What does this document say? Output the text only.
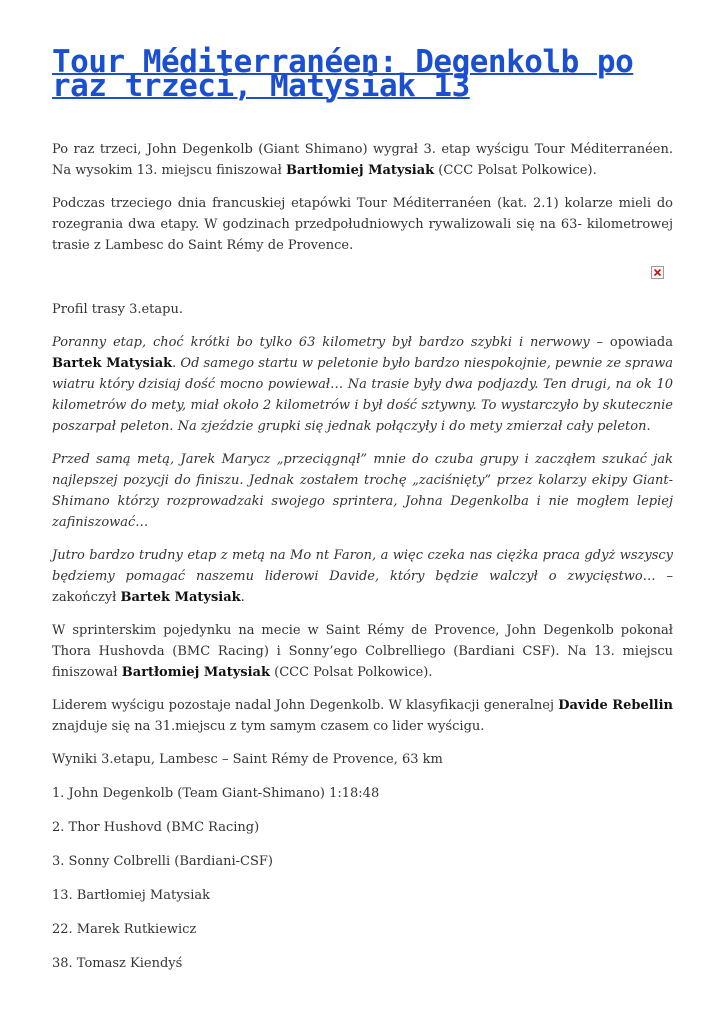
Tour Méditerranéen: Degenkolb po raz trzeci, Matysiak 13

Po raz trzeci, John Degenkolb (Giant Shimano) wygrał 3. etap wyścigu Tour Méditerranéen. Na wysokim 13. miejscu finiszował Bartłomiej Matysiak (CCC Polsat Polkowice).

Podczas trzeciego dnia francuskiej etapówki Tour Méditerranéen (kat. 2.1) kolarze mieli do rozegrania dwa etapy. W godzinach przedpołudniowych rywalizowali się na 63- kilometrowej trasie z Lambesc do Saint Rémy de Provence.

Profil trasy 3.etapu.

Poranny etap, choć krótki bo tylko 63 kilometry był bardzo szybki i nerwowy – opowiada Bartek Matysiak. Od samego startu w peletonie było bardzo niespokojnie, pewnie ze sprawa wiatru który dzisiaj dość mocno powiewał… Na trasie były dwa podjazdy. Ten drugi, na ok 10 kilometrów do mety, miał około 2 kilometrów i był dość sztywny. To wystarczyło by skutecznie poszarpał peleton. Na zjeździe grupki się jednak połączyły i do mety zmierzał cały peleton.

Przed samą metą, Jarek Marycz „przeciągnął” mnie do czuba grupy i zacząłem szukać jak najlepszej pozycji do finiszu. Jednak zostałem trochę „zaciśnięty” przez kolarzy ekipy Giant-Shimano którzy rozprowadzaki swojego sprintera, Johna Degenkolba i nie mogłem lepiej zafiniszować…

Jutro bardzo trudny etap z metą na Mo nt Faron, a więc czeka nas ciężka praca gdyż wszyscy będziemy pomagać naszemu liderowi Davide, który będzie walczył o zwycięstwo… – zakończył Bartek Matysiak.

W sprinterskim pojedynku na mecie w Saint Rémy de Provence, John Degenkolb pokonał Thora Hushovda (BMC Racing) i Sonny’ego Colbrelliego (Bardiani CSF). Na 13. miejscu finiszował Bartłomiej Matysiak (CCC Polsat Polkowice).

Liderem wyścigu pozostaje nadal John Degenkolb. W klasyfikacji generalnej Davide Rebellin znajduje się na 31.miejscu z tym samym czasem co lider wyścigu.

Wyniki 3.etapu, Lambesc – Saint Rémy de Provence, 63 km

1. John Degenkolb (Team Giant-Shimano) 1:18:48

2. Thor Hushovd (BMC Racing)

3. Sonny Colbrelli (Bardiani-CSF)

13. Bartłomiej Matysiak

22. Marek Rutkiewicz

38. Tomasz Kiendyś
